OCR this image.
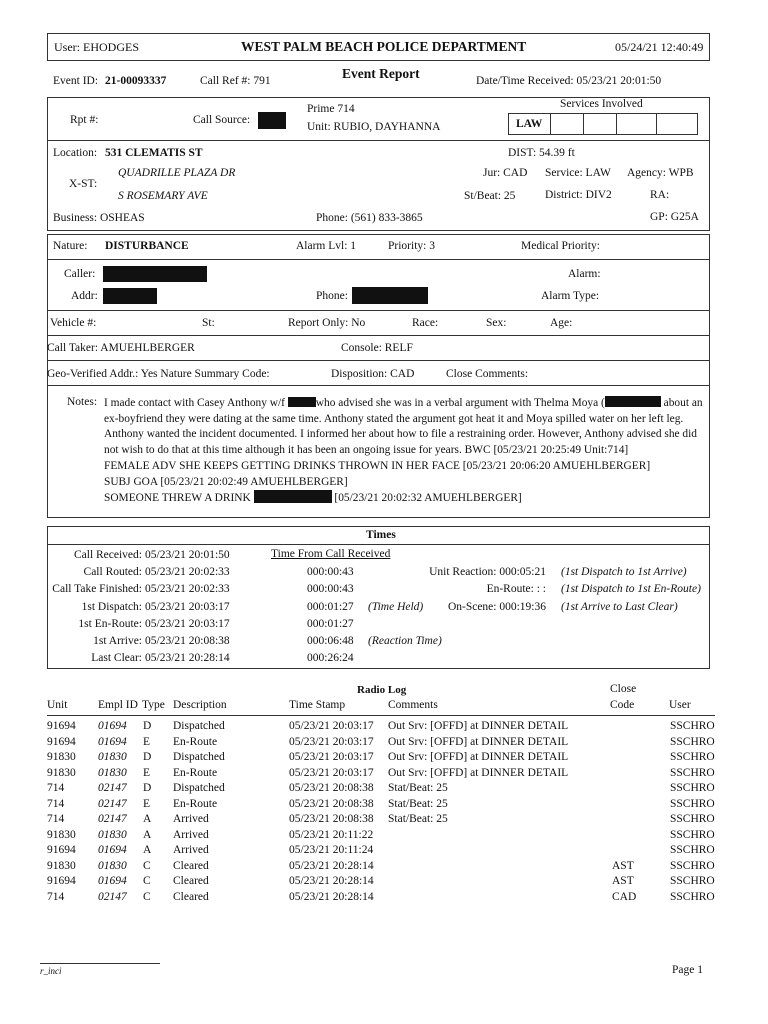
User: EHODGES	WEST PALM BEACH POLICE DEPARTMENT	05/24/21 12:40:49
Event ID: 21-00093337	Call Ref #: 791	Event Report	Date/Time Received: 05/23/21 20:01:50
Rpt #:	Call Source:
Prime 714
Unit: RUBIO, DAYHANNA
Services Involved
LAW
Location: 531 CLEMATIS ST	DIST: 54.39 ft
X-ST:
QUADRILLE PLAZA DR
S ROSEMARY AVE
Jur: CAD Service: LAW Agency: WPB
St/Beat: 25	District: DIV2	RA:
Business: OSHEAS	Phone: (561) 833-3865	GP: G25A
Nature: DISTURBANCE	Alarm Lvl: 1	Priority: 3	Medical Priority:
Caller:	Alarm:
Addr:	Phone:	Alarm Type:
Vehicle #:	St:	Report Only: No	Race:	Sex:	Age:
Call Taker: AMUEHLBERGER	Console: RELF
Geo-Verified Addr.: Yes Nature Summary Code:	Disposition: CAD	Close Comments:
Notes: I made contact with Casey Anthony w/f who advised she was in a verbal argument with Thelma Moya (	about an ex-boyfriend they were dating at the same time. Anthony stated the argument got heat it and Moya spilled water on her left leg. Anthony wanted the incident documented. I informed her about how to file a restraining order. However, Anthony advised she did not wish to do that at this time although it has been an ongoing issue for years. BWC [05/23/21 20:25:49 Unit:714]
FEMALE ADV SHE KEEPS GETTING DRINKS THROWN IN HER FACE [05/23/21 20:06:20 AMUEHLBERGER]
SUBJ GOA [05/23/21 20:02:49 AMUEHLBERGER]
SOMEONE THREW A DRINK	[05/23/21 20:02:32 AMUEHLBERGER]
Times
Time From Call Received
Call Received: 05/23/21 20:01:50
Call Routed: 05/23/21 20:02:33	000:00:43	Unit Reaction: 000:05:21 (1st Dispatch to 1st Arrive)
Call Take Finished: 05/23/21 20:02:33	000:00:43	En-Route: : : (1st Dispatch to 1st En-Route)
1st Dispatch: 05/23/21 20:03:17	000:01:27 (Time Held) On-Scene: 000:19:36 (1st Arrive to Last Clear)
1st En-Route: 05/23/21 20:03:17	000:01:27
1st Arrive: 05/23/21 20:08:38	000:06:48 (Reaction Time)
Last Clear: 05/23/21 20:28:14	000:26:24
Radio Log	Close
Unit	Empl ID Type Description	Time Stamp	Comments	Code	User
91694 01694 D Dispatched	05/23/21 20:03:17 Out Srv: [OFFD] at DINNER DETAIL	SSCHRO
91694 01694 E En-Route	05/23/21 20:03:17 Out Srv: [OFFD] at DINNER DETAIL	SSCHRO
91830 01830 D Dispatched	05/23/21 20:03:17 Out Srv: [OFFD] at DINNER DETAIL	SSCHRO
91830 01830 E En-Route	05/23/21 20:03:17 Out Srv: [OFFD] at DINNER DETAIL	SSCHRO
714	02147 D Dispatched	05/23/21 20:08:38 Stat/Beat: 25	SSCHRO
714	02147 E En-Route	05/23/21 20:08:38 Stat/Beat: 25	SSCHRO
714	02147 A Arrived	05/23/21 20:08:38 Stat/Beat: 25	SSCHRO
91830 01830 A Arrived	05/23/21 20:11:22	SSCHRO
91694 01694 A Arrived	05/23/21 20:11:24	SSCHRO
91830 01830 C Cleared	05/23/21 20:28:14	AST	SSCHRO
91694 01694 C Cleared	05/23/21 20:28:14	AST	SSCHRO
714	02147 C Cleared	05/23/21 20:28:14	CAD	SSCHRO
r_inci	Page 1
